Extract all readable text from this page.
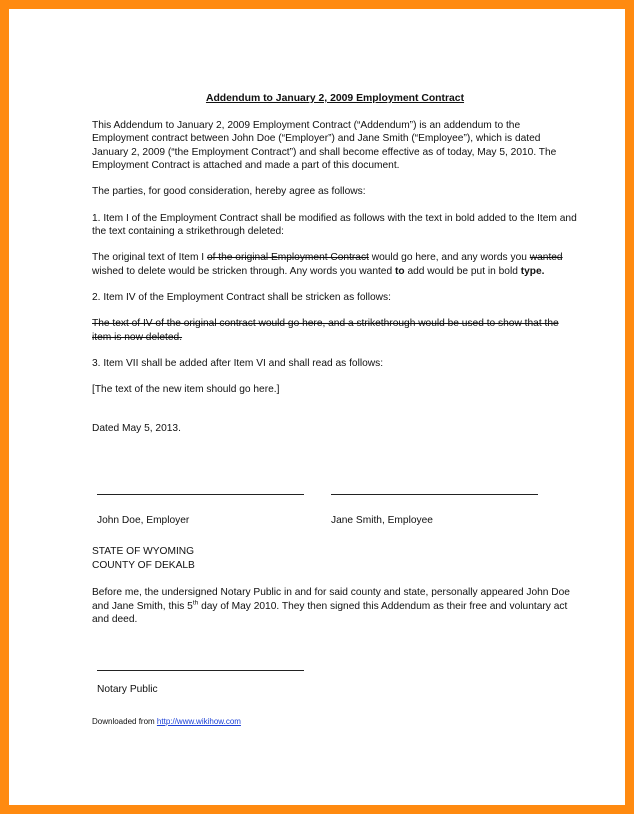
Addendum to January 2, 2009 Employment Contract

This Addendum to January 2, 2009 Employment Contract (“Addendum”) is an addendum to the Employment contract between John Doe (“Employer”) and Jane Smith (“Employee”), which is dated January 2, 2009 (“the Employment Contract”) and shall become effective as of today, May 5, 2010. The Employment Contract is attached and made a part of this document.

The parties, for good consideration, hereby agree as follows:

1. Item I of the Employment Contract shall be modified as follows with the text in bold added to the Item and the text containing a strikethrough deleted:

The original text of Item I of the original Employment Contract would go here, and any words you wanted wished to delete would be stricken through. Any words you wanted to add would be put in bold type.

2. Item IV of the Employment Contract shall be stricken as follows:

The text of IV of the original contract would go here, and a strikethrough would be used to show that the item is now deleted.

3. Item VII shall be added after Item VI and shall read as follows:

[The text of the new item should go here.]

Dated May 5, 2013.

John Doe, Employer	Jane Smith, Employee
STATE OF WYOMING
COUNTY OF DEKALB

Before me, the undersigned Notary Public in and for said county and state, personally appeared John Doe and Jane Smith, this 5th day of May 2010. They then signed this Addendum as their free and voluntary act and deed.

Notary Public
Downloaded from http://www.wikihow.com
